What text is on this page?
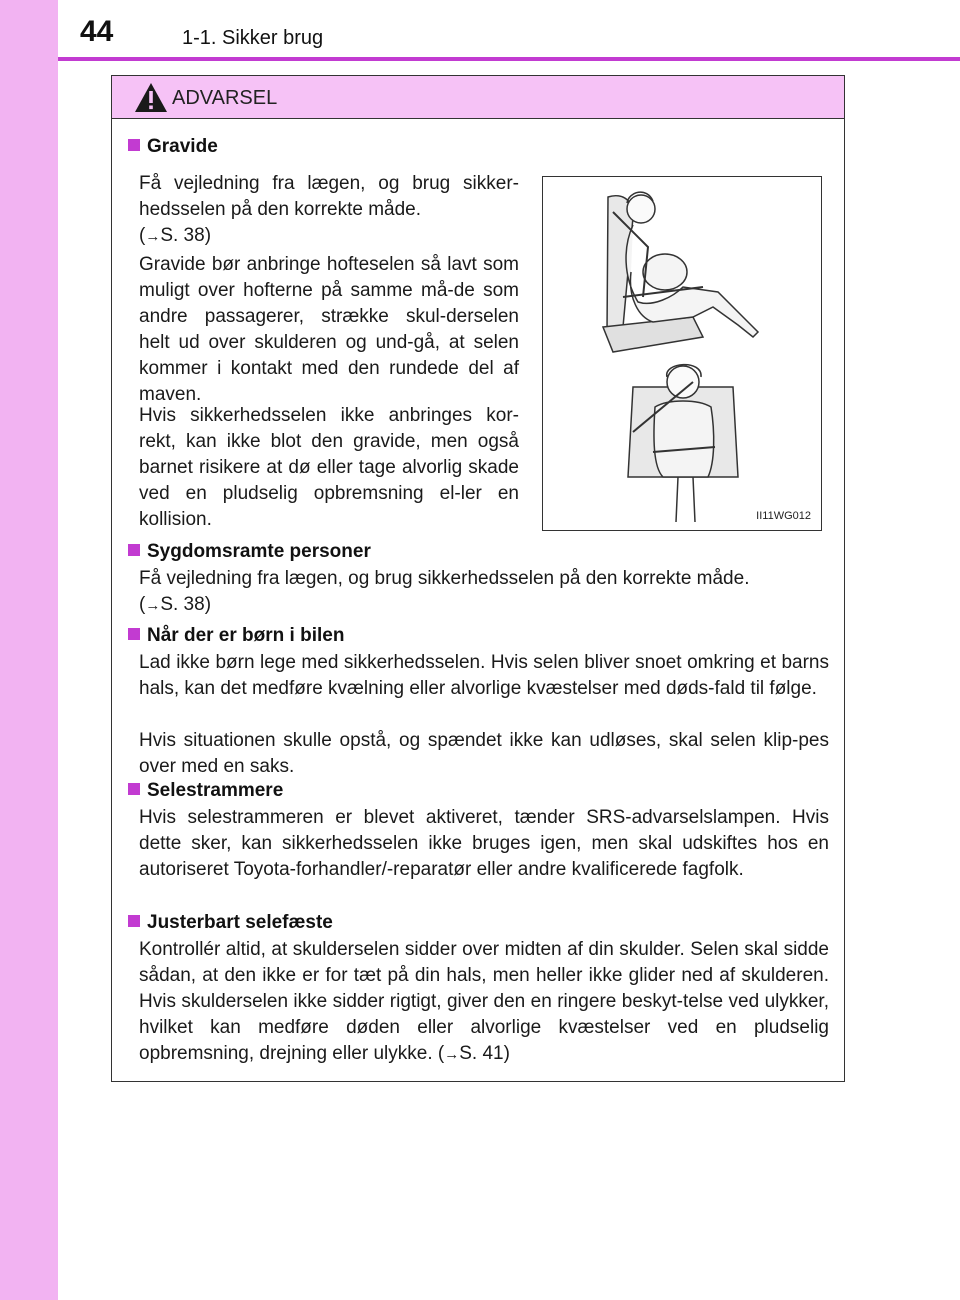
44	1-1. Sikker brug
ADVARSEL
Gravide
Få vejledning fra lægen, og brug sikker-hedsselen på den korrekte måde.
(→S. 38)
Gravide bør anbringe hofteselen så lavt som muligt over hofterne på samme må-de som andre passagerer, strække skul-derselen helt ud over skulderen og und-gå, at selen kommer i kontakt med den rundede del af maven.
Hvis sikkerhedsselen ikke anbringes kor-rekt, kan ikke blot den gravide, men også barnet risikere at dø eller tage alvorlig skade ved en pludselig opbremsning el-ler en kollision.	II11WG012
Sygdomsramte personer
Få vejledning fra lægen, og brug sikkerhedsselen på den korrekte måde.
(→S. 38)
Når der er børn i bilen
Lad ikke børn lege med sikkerhedsselen. Hvis selen bliver snoet omkring et barns hals, kan det medføre kvælning eller alvorlige kvæstelser med døds-fald til følge.
Hvis situationen skulle opstå, og spændet ikke kan udløses, skal selen klip-pes over med en saks.
Selestrammere
Hvis selestrammeren er blevet aktiveret, tænder SRS-advarselslampen. Hvis dette sker, kan sikkerhedsselen ikke bruges igen, men skal udskiftes hos en autoriseret Toyota-forhandler/-reparatør eller andre kvalificerede fagfolk.
Justerbart selefæste
Kontrollér altid, at skulderselen sidder over midten af din skulder. Selen skal sidde sådan, at den ikke er for tæt på din hals, men heller ikke glider ned af skulderen. Hvis skulderselen ikke sidder rigtigt, giver den en ringere beskyt-telse ved ulykker, hvilket kan medføre døden eller alvorlige kvæstelser ved en pludselig opbremsning, drejning eller ulykke. (→S. 41)
